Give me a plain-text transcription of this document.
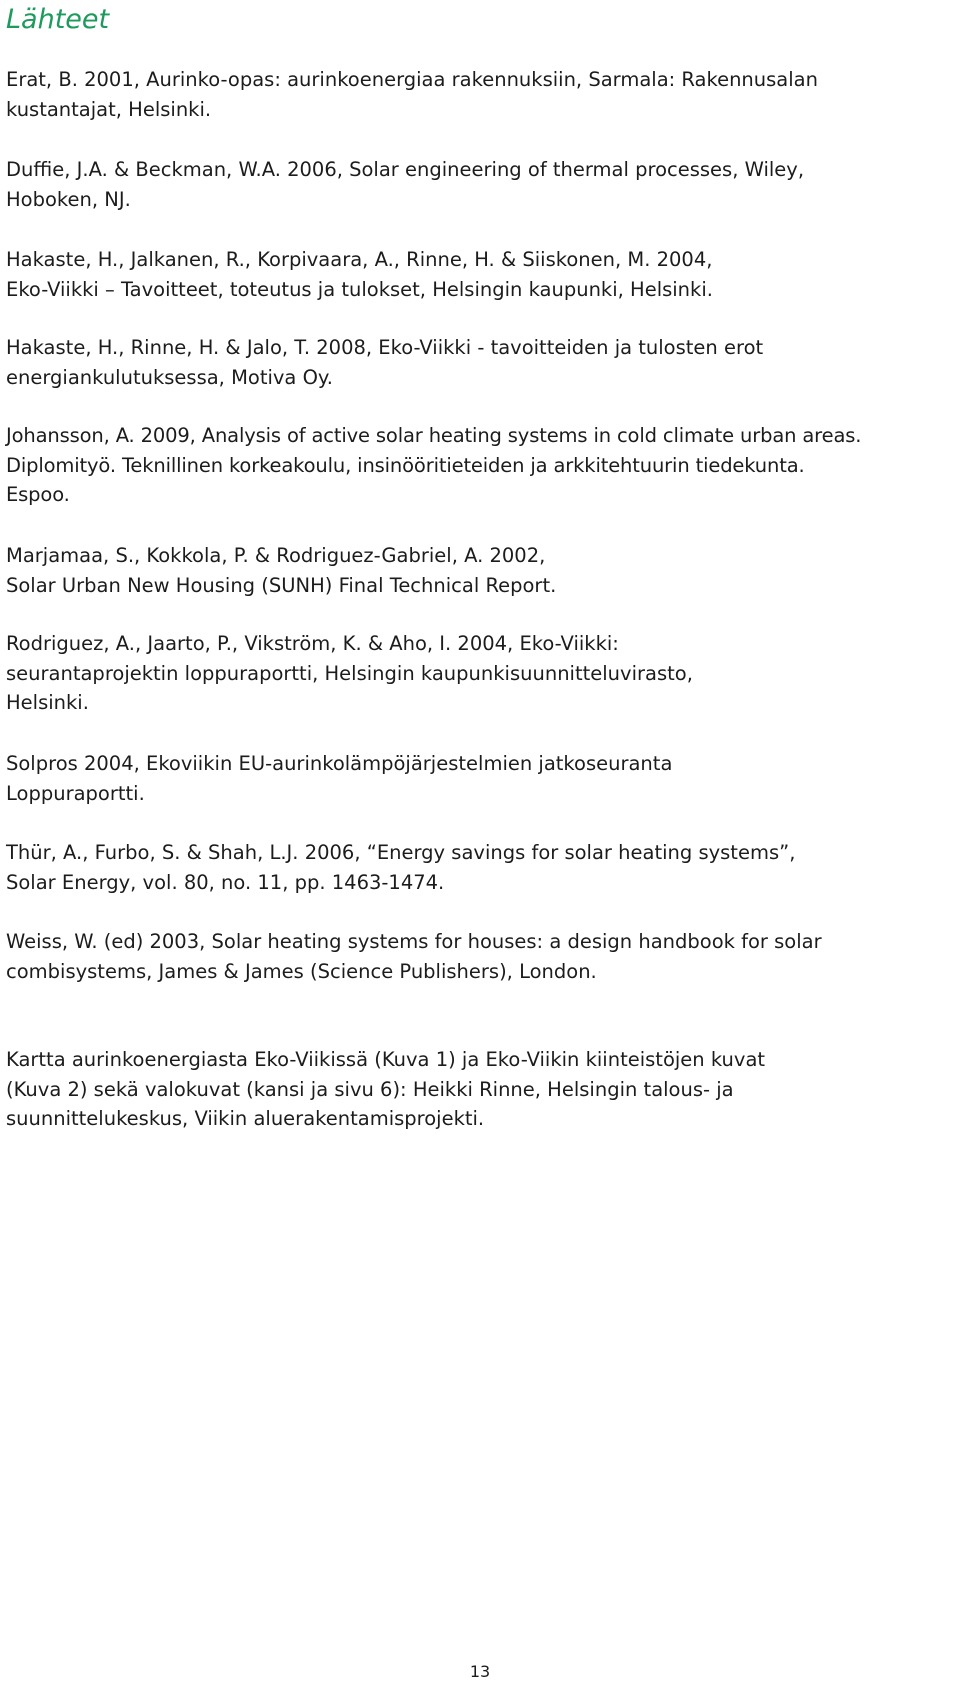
Lähteet

Erat, B. 2001, Aurinko-opas: aurinkoenergiaa rakennuksiin, Sarmala: Rakennusalan
kustantajat, Helsinki.

Duffie, J.A. & Beckman, W.A. 2006, Solar engineering of thermal processes, Wiley,
Hoboken, NJ.

Hakaste, H., Jalkanen, R., Korpivaara, A., Rinne, H. & Siiskonen, M. 2004,
Eko-Viikki – Tavoitteet, toteutus ja tulokset, Helsingin kaupunki, Helsinki.

Hakaste, H., Rinne, H. & Jalo, T. 2008, Eko-Viikki - tavoitteiden ja tulosten erot
energiankulutuksessa, Motiva Oy.

Johansson, A. 2009, Analysis of active solar heating systems in cold climate urban areas.
Diplomityö. Teknillinen korkeakoulu, insinööritieteiden ja arkkitehtuurin tiedekunta.
Espoo.

Marjamaa, S., Kokkola, P. & Rodriguez-Gabriel, A. 2002,
Solar Urban New Housing (SUNH) Final Technical Report.

Rodriguez, A., Jaarto, P., Vikström, K. & Aho, I. 2004, Eko-Viikki:
seurantaprojektin loppuraportti, Helsingin kaupunkisuunnitteluvirasto,
Helsinki.

Solpros 2004, Ekoviikin EU-aurinkolämpöjärjestelmien jatkoseuranta
Loppuraportti.

Thür, A., Furbo, S. & Shah, L.J. 2006, “Energy savings for solar heating systems”,
Solar Energy, vol. 80, no. 11, pp. 1463-1474.

Weiss, W. (ed) 2003, Solar heating systems for houses: a design handbook for solar
combisystems, James & James (Science Publishers), London.

Kartta aurinkoenergiasta Eko-Viikissä (Kuva 1) ja Eko-Viikin kiinteistöjen kuvat
(Kuva 2) sekä valokuvat (kansi ja sivu 6): Heikki Rinne, Helsingin talous- ja
suunnittelukeskus, Viikin aluerakentamisprojekti.

13
